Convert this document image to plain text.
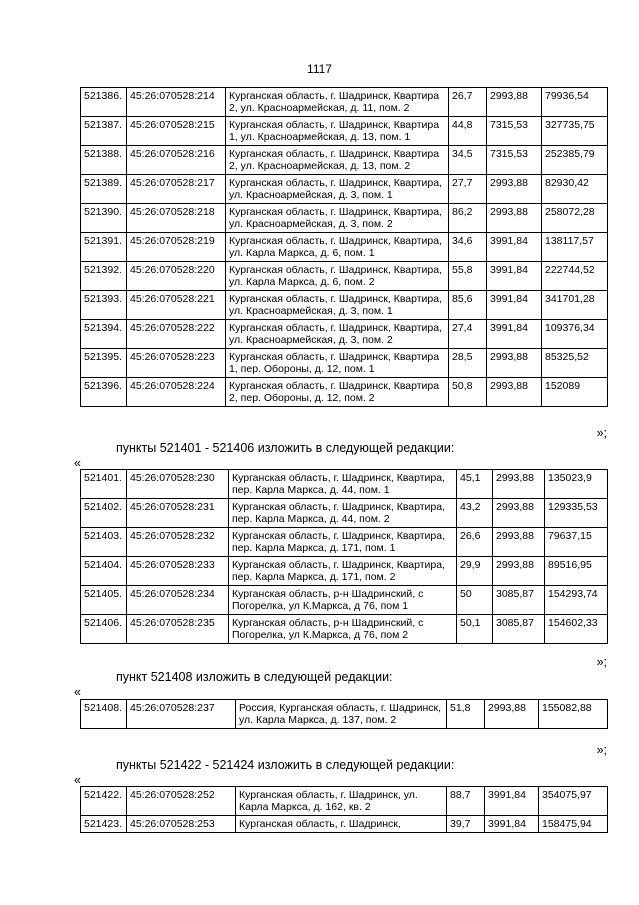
1117
521386.	45:26:070528:214	Курганская область, г. Шадринск, Квартира 2, ул. Красноармейская, д. 11, пом. 2	26,7	2993,88	79936,54
521387.	45:26:070528:215	Курганская область, г. Шадринск, Квартира 1, ул. Красноармейская, д. 13, пом. 1	44,8	7315,53	327735,75
521388.	45:26:070528:216	Курганская область, г. Шадринск, Квартира 2, ул. Красноармейская, д. 13, пом. 2	34,5	7315,53	252385,79
521389.	45:26:070528:217	Курганская область, г. Шадринск, Квартира, ул. Красноармейская, д. 3, пом. 1	27,7	2993,88	82930,42
521390.	45:26:070528:218	Курганская область, г. Шадринск, Квартира, ул. Красноармейская, д. 3, пом. 2	86,2	2993,88	258072,28
521391.	45:26:070528:219	Курганская область, г. Шадринск, Квартира, ул. Карла Маркса, д. 6, пом. 1	34,6	3991,84	138117,57
521392.	45:26:070528:220	Курганская область, г. Шадринск, Квартира, ул. Карла Маркса, д. 6, пом. 2	55,8	3991,84	222744,52
521393.	45:26:070528:221	Курганская область, г. Шадринск, Квартира, ул. Красноармейская, д. 3, пом. 1	85,6	3991,84	341701,28
521394.	45:26:070528:222	Курганская область, г. Шадринск, Квартира, ул. Красноармейская, д. 3, пом. 2	27,4	3991,84	109376,34
521395.	45:26:070528:223	Курганская область, г. Шадринск, Квартира 1, пер. Обороны, д. 12, пом. 1	28,5	2993,88	85325,52
521396.	45:26:070528:224	Курганская область, г. Шадринск, Квартира 2, пер. Обороны, д. 12, пом. 2	50,8	2993,88	152089
»;
пункты 521401 - 521406 изложить в следующей редакции:
«
521401.	45:26:070528:230	Курганская область, г. Шадринск, Квартира, пер. Карла Маркса, д. 44, пом. 1	45,1	2993,88	135023,9
521402.	45:26:070528:231	Курганская область, г. Шадринск, Квартира, пер. Карла Маркса, д. 44, пом. 2	43,2	2993,88	129335,53
521403.	45:26:070528:232	Курганская область, г. Шадринск, Квартира, пер. Карла Маркса, д. 171, пом. 1	26,6	2993,88	79637,15
521404.	45:26:070528:233	Курганская область, г. Шадринск, Квартира, пер. Карла Маркса, д. 171, пом. 2	29,9	2993,88	89516,95
521405.	45:26:070528:234	Курганская область, р-н Шадринский, с Погорелка, ул К.Маркса, д 76, пом 1	50	3085,87	154293,74
521406.	45:26:070528:235	Курганская область, р-н Шадринский, с Погорелка, ул К.Маркса, д 76, пом 2	50,1	3085,87	154602,33
»;
пункт 521408 изложить в следующей редакции:
«
521408.	45:26:070528:237	Россия, Курганская область, г. Шадринск, ул. Карла Маркса, д. 137, пом. 2	51,8	2993,88	155082,88
»;
пункты 521422 - 521424 изложить в следующей редакции:
«
521422.	45:26:070528:252	Курганская область, г. Шадринск, ул. Карла Маркса, д. 162, кв. 2	88,7	3991,84	354075,97
521423.	45:26:070528:253	Курганская область, г. Шадринск,	39,7	3991,84	158475,94
